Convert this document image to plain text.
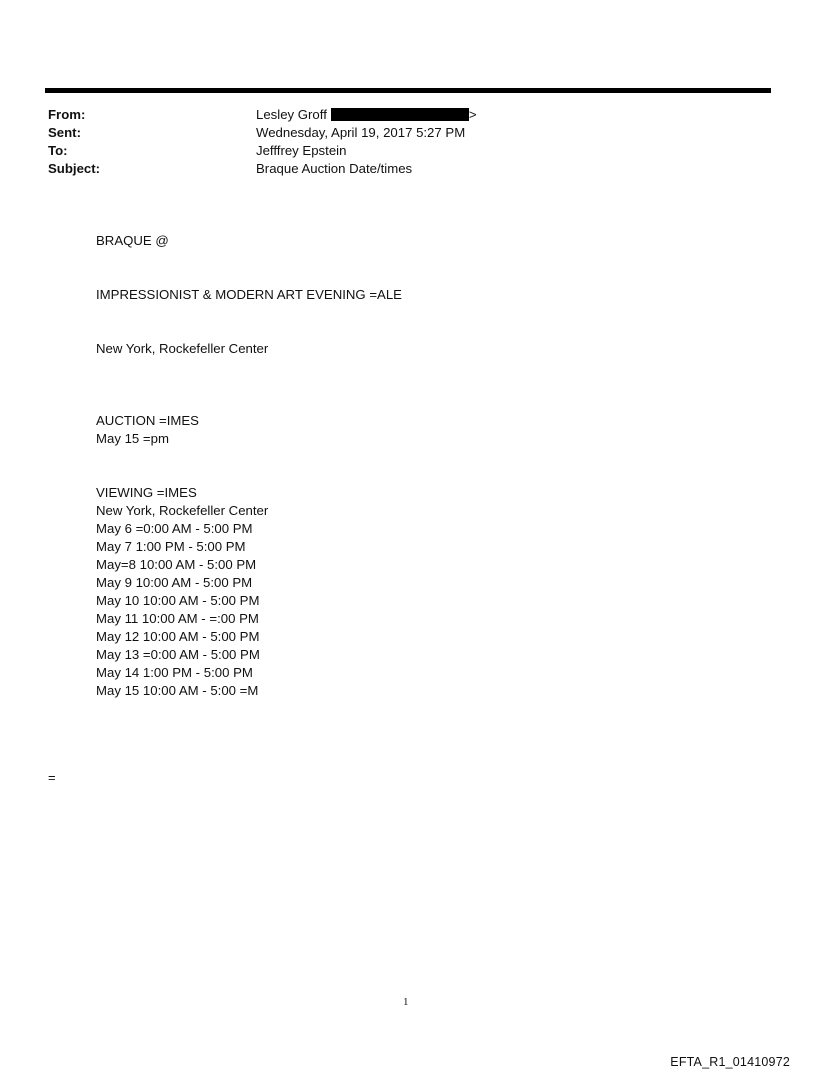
From:	Lesley Groff	>
Sent:	Wednesday, April 19, 2017 5:27 PM
To:	Jefffrey Epstein
Subject:	Braque Auction Date/times
BRAQUE @
IMPRESSIONIST & MODERN ART EVENING =ALE
New York, Rockefeller Center
AUCTION =IMES
May 15 =pm
VIEWING =IMES
New York, Rockefeller Center
May 6 =0:00 AM - 5:00 PM
May 7 1:00 PM - 5:00 PM
May=8 10:00 AM - 5:00 PM
May 9 10:00 AM - 5:00 PM
May 10 10:00 AM - 5:00 PM
May 11 10:00 AM - =:00 PM
May 12 10:00 AM - 5:00 PM
May 13 =0:00 AM - 5:00 PM
May 14 1:00 PM - 5:00 PM
May 15 10:00 AM - 5:00 =M
=
1
EFTA_R1_01410972
